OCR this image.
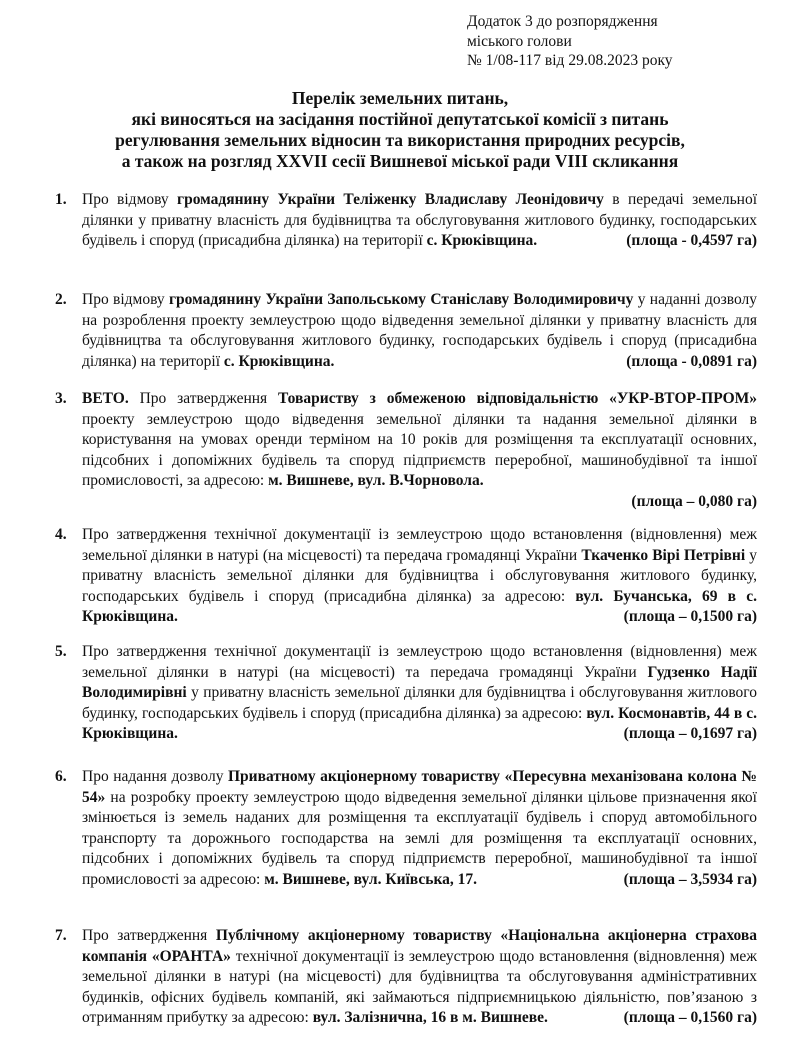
Додаток 3 до розпорядження
міського голови
№ 1/08-117 від 29.08.2023 року
Перелік земельних питань,
які виносяться на засідання постійної депутатської комісії з питань
регулювання земельних відносин та використання природних ресурсів,
а також на розгляд XXVII сесії Вишневої міської ради VIII скликання
1. Про відмову громадянину України Теліженку Владиславу Леонідовичу в передачі земельної ділянки у приватну власність для будівництва та обслуговування житлового будинку, господарських будівель і споруд (присадибна ділянка) на території с. Крюківщина.	(площа - 0,4597 га)
2. Про відмову громадянину України Запольському Станіславу Володимировичу у наданні дозволу на розроблення проекту землеустрою щодо відведення земельної ділянки у приватну власність для будівництва та обслуговування житлового будинку, господарських будівель і споруд (присадибна ділянка) на території с. Крюківщина.	(площа - 0,0891 га)
3. ВЕТО. Про затвердження Товариству з обмеженою відповідальністю «УКР-ВТОР-ПРОМ» проекту землеустрою щодо відведення земельної ділянки та надання земельної ділянки в користування на умовах оренди терміном на 10 років для розміщення та експлуатації основних, підсобних і допоміжних будівель та споруд підприємств переробної, машинобудівної та іншої промисловості, за адресою: м. Вишневе, вул. В.Чорновола.
(площа – 0,080 га)
4. Про затвердження технічної документації із землеустрою щодо встановлення (відновлення) меж земельної ділянки в натурі (на місцевості) та передача громадянці України Ткаченко Вірі Петрівні у приватну власність земельної ділянки для будівництва і обслуговування житлового будинку, господарських будівель і споруд (присадибна ділянка) за адресою: вул. Бучанська, 69 в с. Крюківщина.	(площа – 0,1500 га)
5. Про затвердження технічної документації із землеустрою щодо встановлення (відновлення) меж земельної ділянки в натурі (на місцевості) та передача громадянці України Гудзенко Надії Володимирівні у приватну власність земельної ділянки для будівництва і обслуговування житлового будинку, господарських будівель і споруд (присадибна ділянка) за адресою: вул. Космонавтів, 44 в с. Крюківщина.	(площа – 0,1697 га)
6. Про надання дозволу Приватному акціонерному товариству «Пересувна механізована колона № 54» на розробку проекту землеустрою щодо відведення земельної ділянки цільове призначення якої змінюється із земель наданих для розміщення та експлуатації будівель і споруд автомобільного транспорту та дорожнього господарства на землі для розміщення та експлуатації основних, підсобних і допоміжних будівель та споруд підприємств переробної, машинобудівної та іншої промисловості за адресою: м. Вишневе, вул. Київська, 17.	(площа – 3,5934 га)
7. Про затвердження Публічному акціонерному товариству «Національна акціонерна страхова компанія «ОРАНТА» технічної документації із землеустрою щодо встановлення (відновлення) меж земельної ділянки в натурі (на місцевості) для будівництва та обслуговування адміністративних будинків, офісних будівель компаній, які займаються підприємницькою діяльністю, пов’язаною з отриманням прибутку за адресою: вул. Залізнична, 16 в м. Вишневе.	(площа – 0,1560 га)
